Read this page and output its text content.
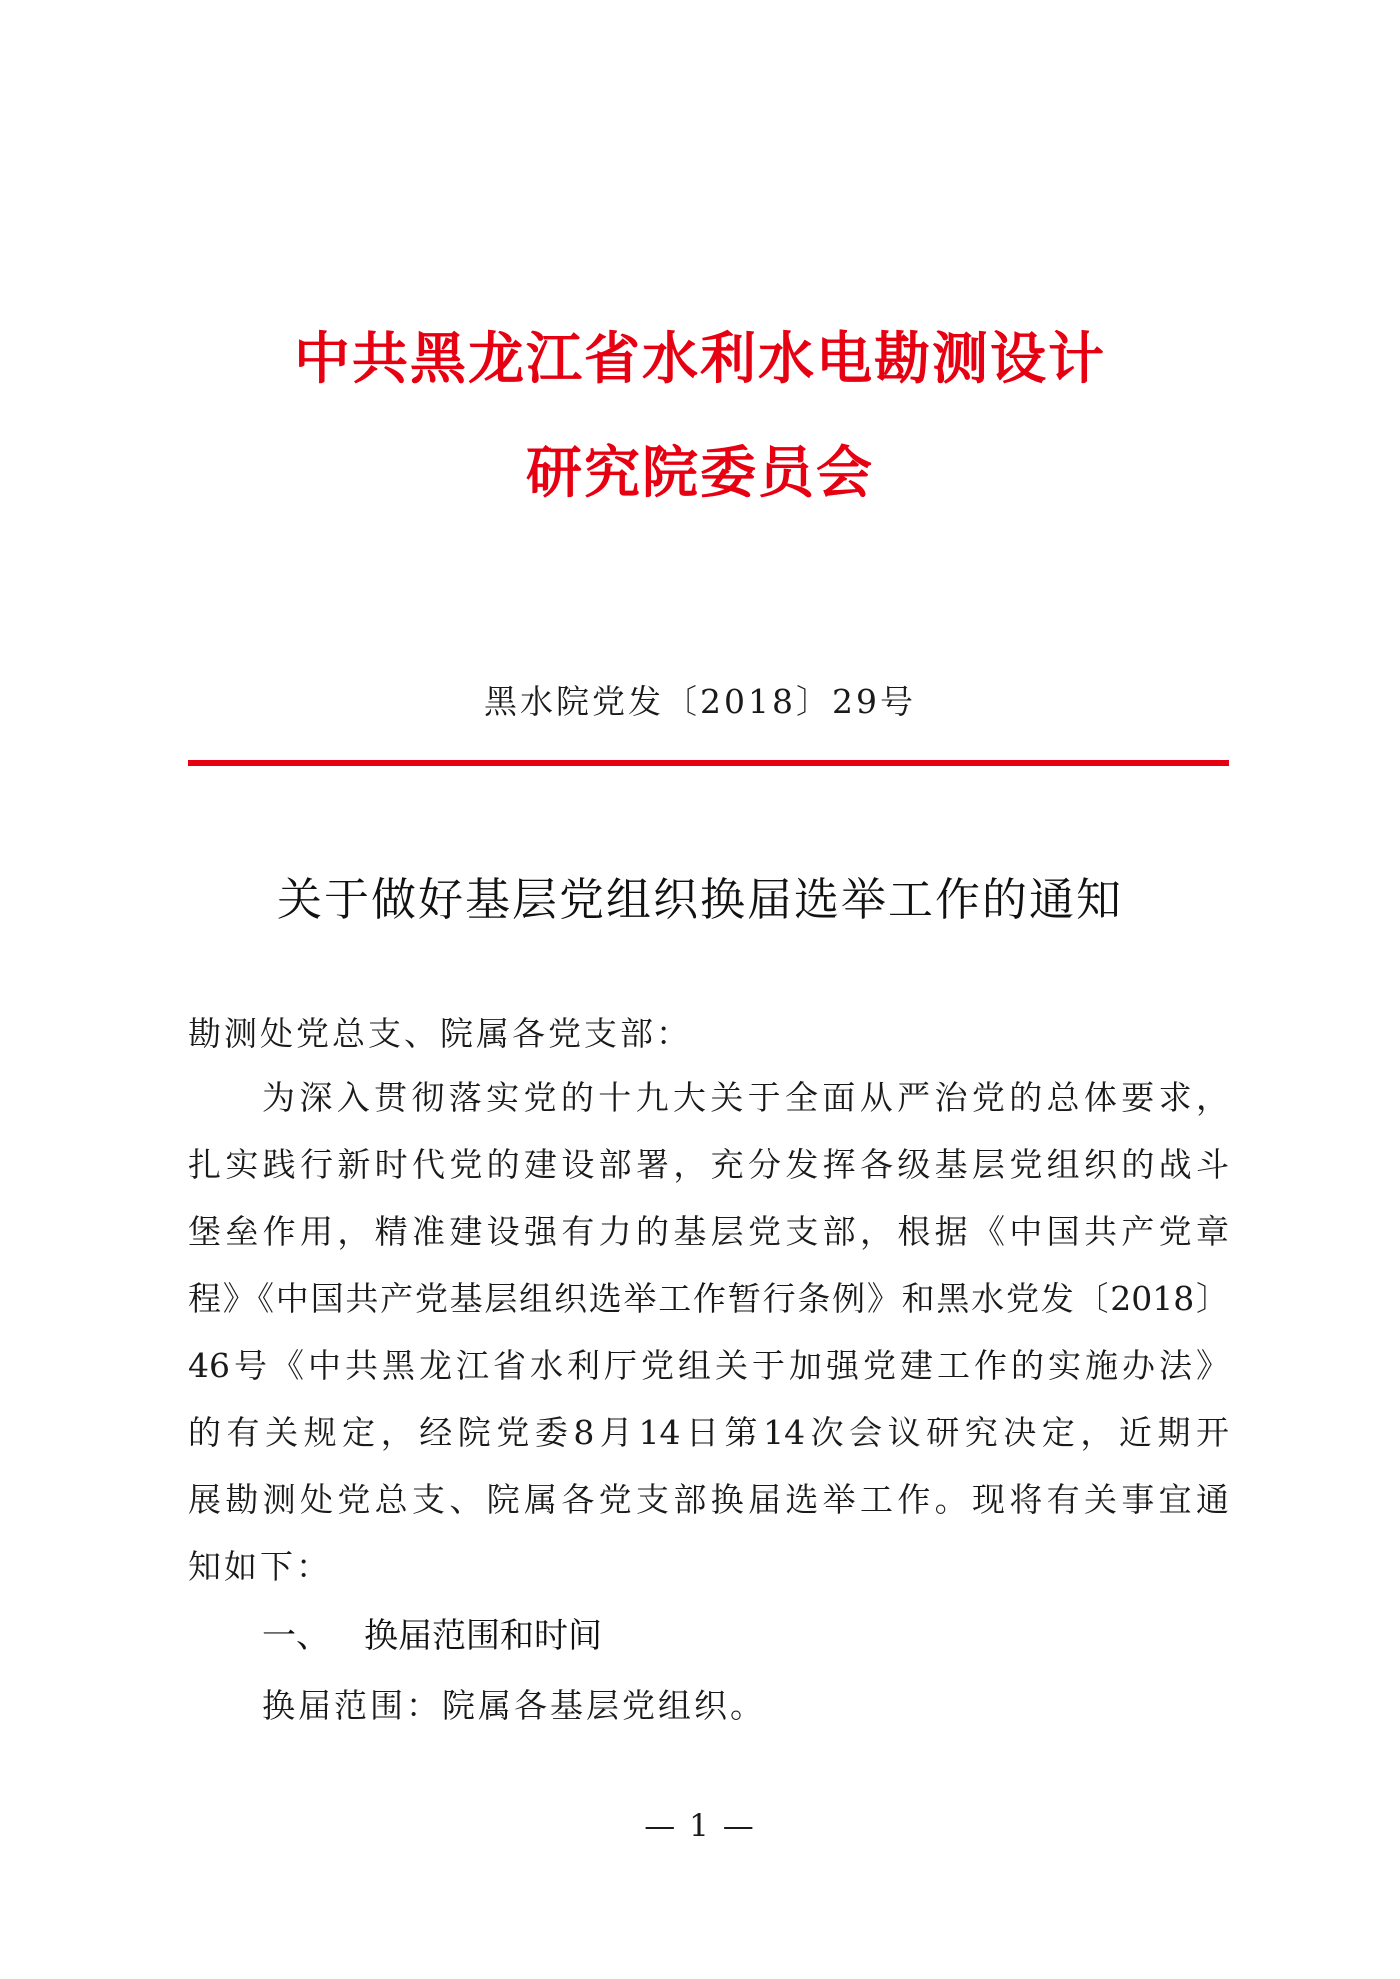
中共黑龙江省水利水电勘测设计
研究院委员会
黑水院党发〔2018〕29号
关于做好基层党组织换届选举工作的通知
勘测处党总支、院属各党支部：
为深入贯彻落实党的十九大关于全面从严治党的总体要求，
扎实践行新时代党的建设部署，充分发挥各级基层党组织的战斗
堡垒作用，精准建设强有力的基层党支部，根据《中国共产党章
程》《中国共产党基层组织选举工作暂行条例》和黑水党发〔2018〕
46号《中共黑龙江省水利厅党组关于加强党建工作的实施办法》
的有关规定，经院党委8月14日第14次会议研究决定，近期开
展勘测处党总支、院属各党支部换届选举工作。现将有关事宜通
知如下：
一、 换届范围和时间
换届范围：院属各基层党组织。
— 1 —
